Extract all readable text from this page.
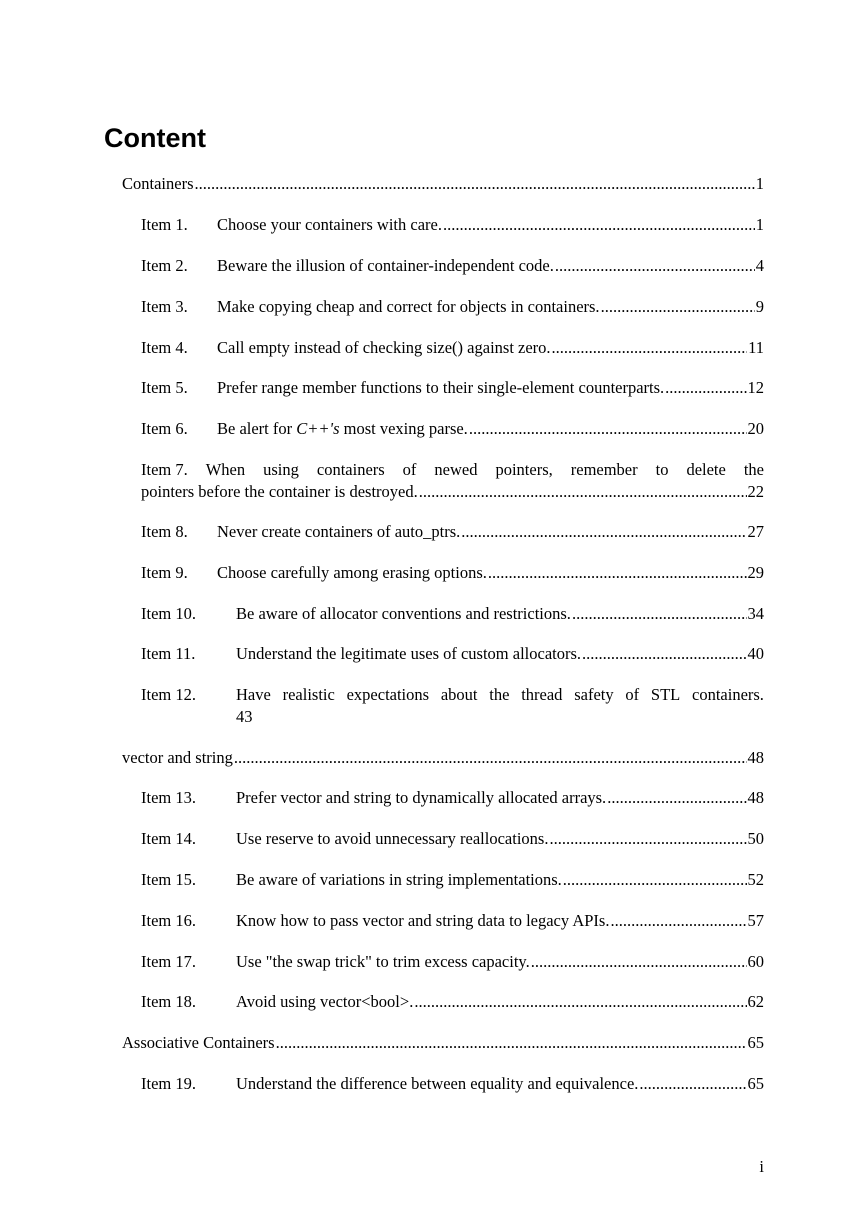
Content
Containers .....	1
Item 1. Choose your containers with care. .....	1
Item 2. Beware the illusion of container-independent code. .....	4
Item 3. Make copying cheap and correct for objects in containers. .....	9
Item 4. Call empty instead of checking size() against zero. .....	11
Item 5. Prefer range member functions to their single-element counterparts. .....	12
Item 6. Be alert for C++'s most vexing parse. .....	20
Item 7. When using containers of newed pointers, remember to delete the
pointers before the container is destroyed. .....	22
Item 8. Never create containers of auto_ptrs. .....	27
Item 9. Choose carefully among erasing options. .....	29
Item 10. Be aware of allocator conventions and restrictions. .....	34
Item 11. Understand the legitimate uses of custom allocators. .....	40
Item 12.	Have realistic expectations about the thread safety of STL containers.
43
vector and string .....	48
Item 13. Prefer vector and string to dynamically allocated arrays. .....	48
Item 14. Use reserve to avoid unnecessary reallocations. .....	50
Item 15. Be aware of variations in string implementations. .....	52
Item 16. Know how to pass vector and string data to legacy APIs. .....	57
Item 17. Use "the swap trick" to trim excess capacity. .....	60
Item 18. Avoid using vector<bool>. .....	62
Associative Containers .....	65
Item 19. Understand the difference between equality and equivalence. .....	65
i
